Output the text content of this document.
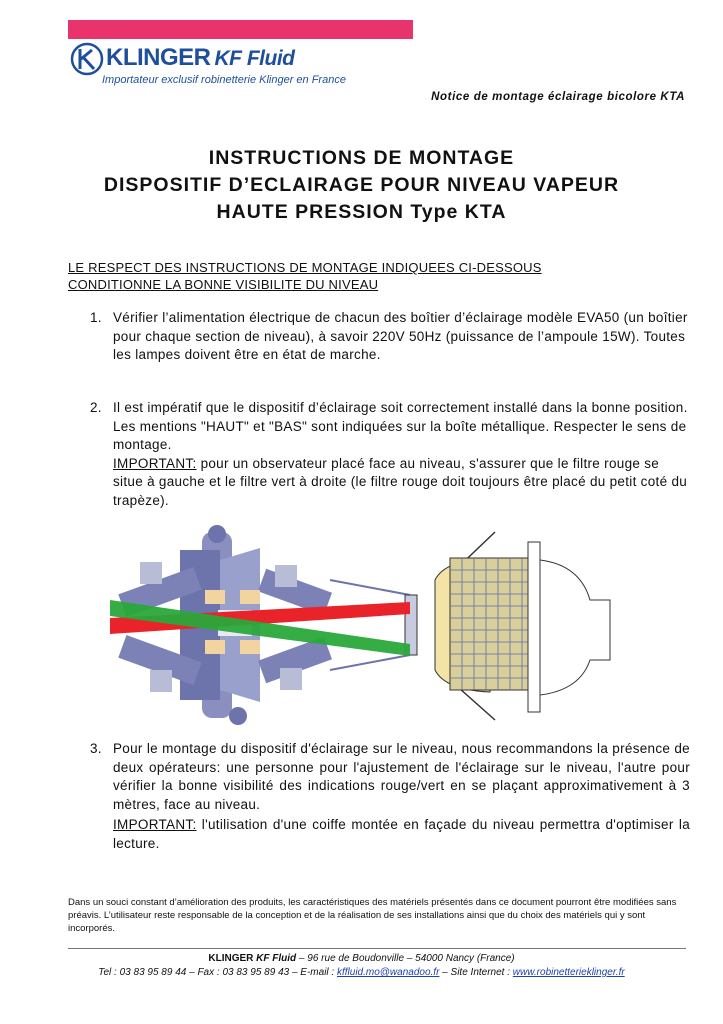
KLINGER KF Fluid
Importateur exclusif robinetterie Klinger en France
Notice de montage éclairage bicolore KTA
INSTRUCTIONS DE MONTAGE
DISPOSITIF D’ECLAIRAGE POUR NIVEAU VAPEUR
HAUTE PRESSION Type KTA
LE RESPECT DES INSTRUCTIONS DE MONTAGE INDIQUEES CI-DESSOUS
CONDITIONNE LA BONNE VISIBILITE DU NIVEAU
1. Vérifier l’alimentation électrique de chacun des boîtier d’éclairage modèle EVA50 (un boîtier pour chaque section de niveau), à savoir 220V 50Hz (puissance de l’ampoule 15W). Toutes les lampes doivent être en état de marche.

2. Il est impératif que le dispositif d’éclairage soit correctement installé dans la bonne position. Les mentions "HAUT" et "BAS" sont indiquées sur la boîte métallique. Respecter le sens de montage.

IMPORTANT: pour un observateur placé face au niveau, s'assurer que le filtre rouge se situe à gauche et le filtre vert à droite (le filtre rouge doit toujours être placé du petit coté du trapèze).

3. Pour le montage du dispositif d'éclairage sur le niveau, nous recommandons la présence de deux opérateurs: une personne pour l'ajustement de l'éclairage sur le niveau, l'autre pour vérifier la bonne visibilité des indications rouge/vert en se plaçant approximativement à 3 mètres, face au niveau.

IMPORTANT: l'utilisation d'une coiffe montée en façade du niveau permettra d'optimiser la lecture.

Dans un souci constant d’amélioration des produits, les caractéristiques des matériels présentés dans ce document pourront être modifiées sans préavis. L’utilisateur reste responsable de la conception et de la réalisation de ses installations ainsi que du choix des matériels qui y sont incorporés.
KLINGER KF Fluid – 96 rue de Boudonville – 54000 Nancy (France)
Tel : 03 83 95 89 44 – Fax : 03 83 95 89 43 – E-mail : kffluid.mo@wanadoo.fr – Site Internet : www.robinetterieklinger.fr
